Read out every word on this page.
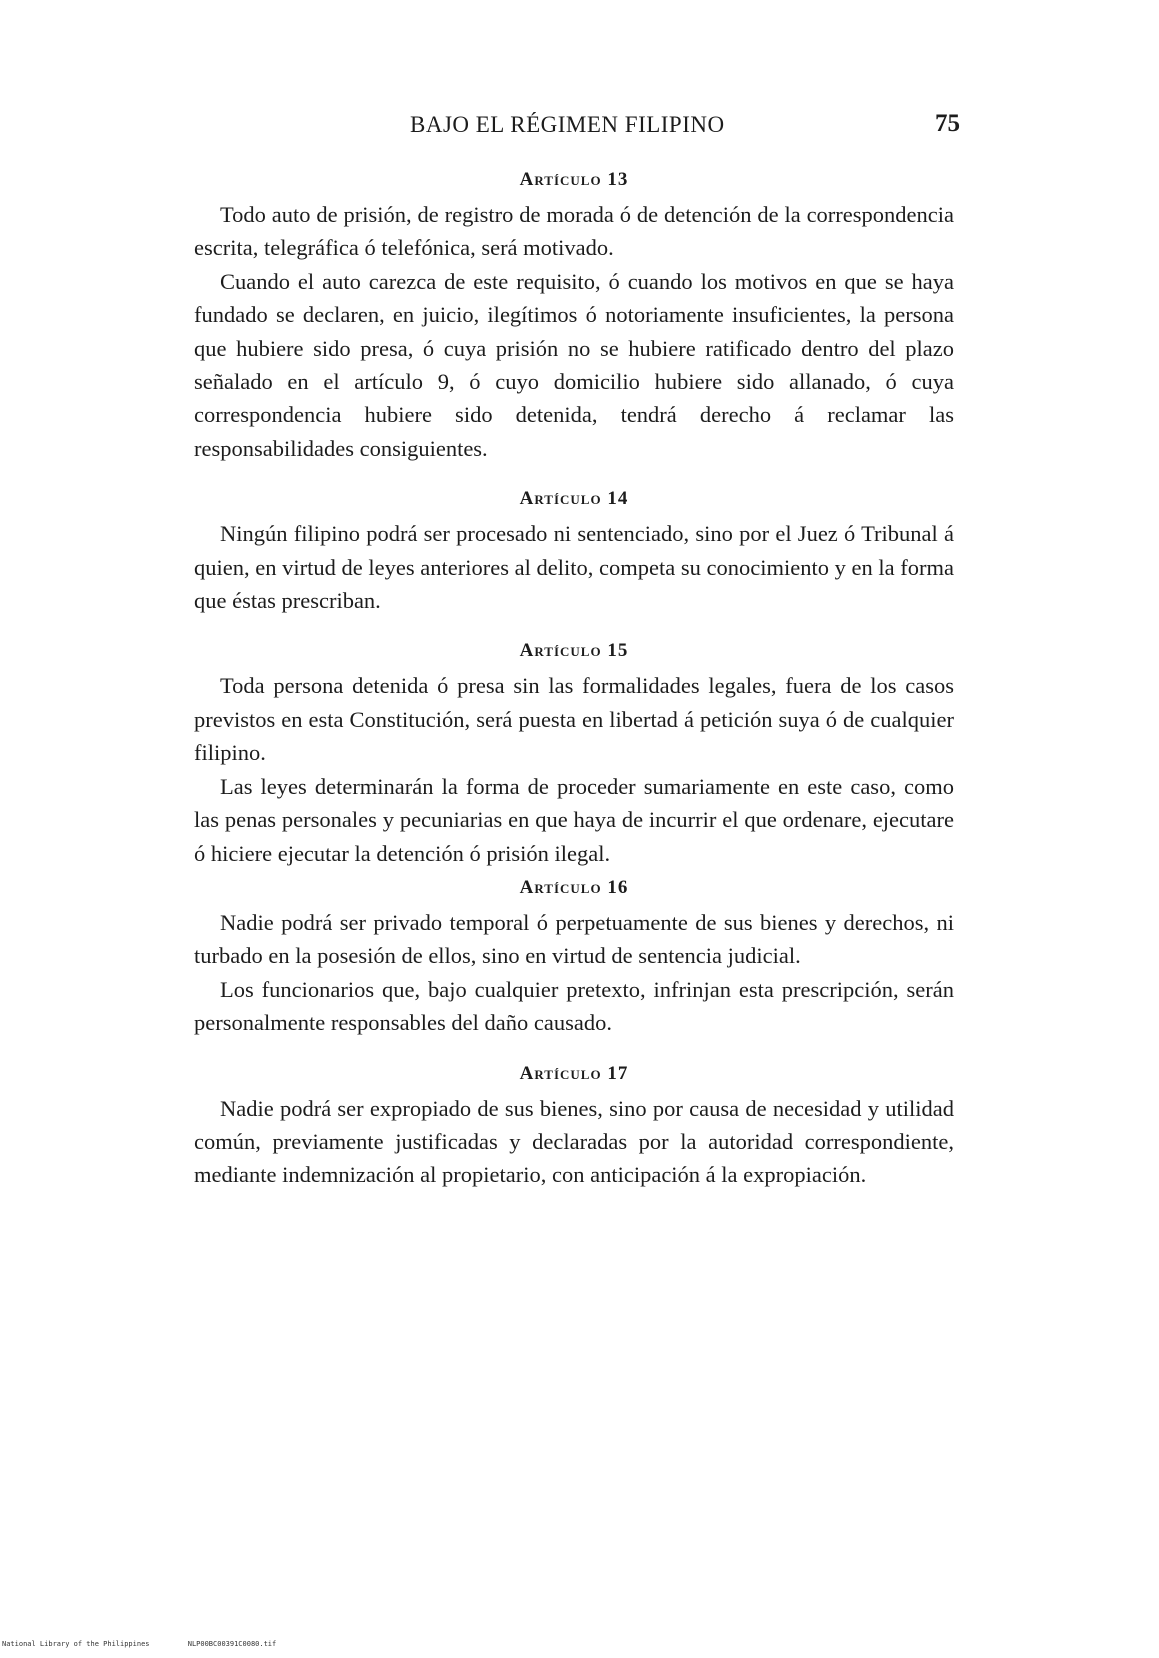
BAJO EL RÉGIMEN FILIPINO	75
Artículo 13

Todo auto de prisión, de registro de morada ó de detención de la correspondencia escrita, telegráfica ó telefónica, será motivado.

Cuando el auto carezca de este requisito, ó cuando los motivos en que se haya fundado se declaren, en juicio, ilegítimos ó notoriamente insuficientes, la persona que hubiere sido presa, ó cuya prisión no se hubiere ratificado dentro del plazo señalado en el artículo 9, ó cuyo domicilio hubiere sido allanado, ó cuya correspondencia hubiere sido detenida, tendrá derecho á reclamar las responsabilidades consiguientes.

Artículo 14

Ningún filipino podrá ser procesado ni sentenciado, sino por el Juez ó Tribunal á quien, en virtud de leyes anteriores al delito, competa su conocimiento y en la forma que éstas prescriban.

Artículo 15

Toda persona detenida ó presa sin las formalidades legales, fuera de los casos previstos en esta Constitución, será puesta en libertad á petición suya ó de cualquier filipino.

Las leyes determinarán la forma de proceder sumariamente en este caso, como las penas personales y pecuniarias en que haya de incurrir el que ordenare, ejecutare ó hiciere ejecutar la detención ó prisión ilegal.

Artículo 16

Nadie podrá ser privado temporal ó perpetuamente de sus bienes y derechos, ni turbado en la posesión de ellos, sino en virtud de sentencia judicial.

Los funcionarios que, bajo cualquier pretexto, infrinjan esta prescripción, serán personalmente responsables del daño causado.

Artículo 17

Nadie podrá ser expropiado de sus bienes, sino por causa de necesidad y utilidad común, previamente justificadas y declaradas por la autoridad correspondiente, mediante indemnización al propietario, con anticipación á la expropiación.

National Library of the Philippines	NLP00BC00391C0080.tif
